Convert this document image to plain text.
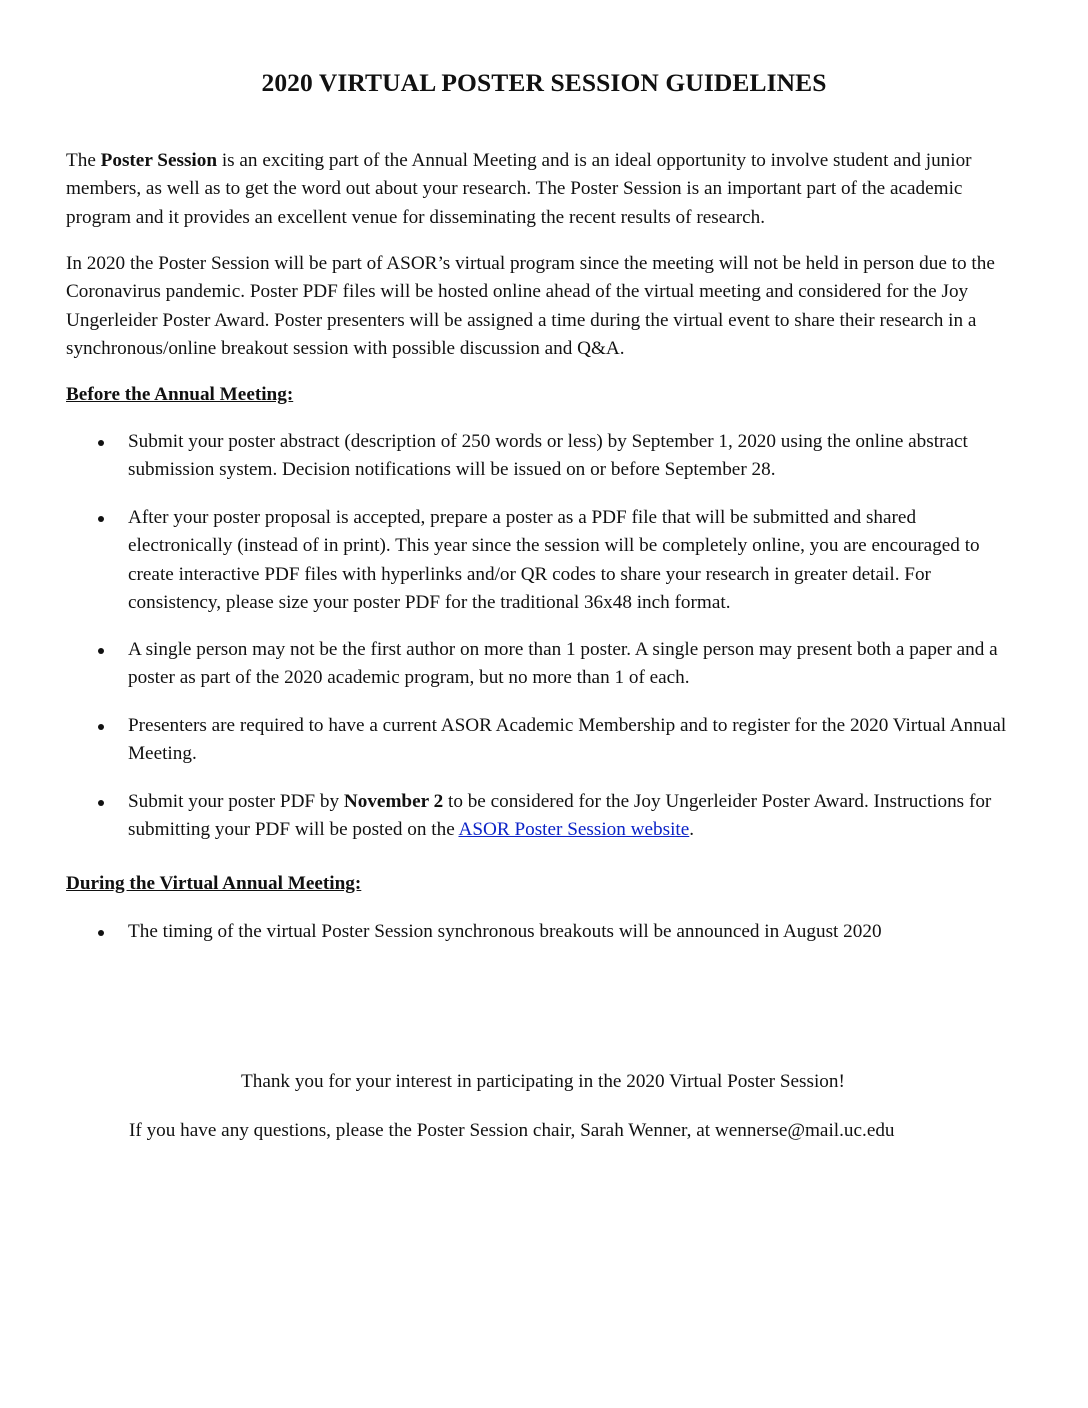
2020 VIRTUAL POSTER SESSION GUIDELINES
The Poster Session is an exciting part of the Annual Meeting and is an ideal opportunity to involve student and junior members, as well as to get the word out about your research. The Poster Session is an important part of the academic program and it provides an excellent venue for disseminating the recent results of research.
In 2020 the Poster Session will be part of ASOR’s virtual program since the meeting will not be held in person due to the Coronavirus pandemic. Poster PDF files will be hosted online ahead of the virtual meeting and considered for the Joy Ungerleider Poster Award. Poster presenters will be assigned a time during the virtual event to share their research in a synchronous/online breakout session with possible discussion and Q&A.
Before the Annual Meeting:
Submit your poster abstract (description of 250 words or less) by September 1, 2020 using the online abstract submission system. Decision notifications will be issued on or before September 28.
After your poster proposal is accepted, prepare a poster as a PDF file that will be submitted and shared electronically (instead of in print). This year since the session will be completely online, you are encouraged to create interactive PDF files with hyperlinks and/or QR codes to share your research in greater detail. For consistency, please size your poster PDF for the traditional 36x48 inch format.
A single person may not be the first author on more than 1 poster. A single person may present both a paper and a poster as part of the 2020 academic program, but no more than 1 of each.
Presenters are required to have a current ASOR Academic Membership and to register for the 2020 Virtual Annual Meeting.
Submit your poster PDF by November 2 to be considered for the Joy Ungerleider Poster Award. Instructions for submitting your PDF will be posted on the ASOR Poster Session website.
During the Virtual Annual Meeting:
The timing of the virtual Poster Session synchronous breakouts will be announced in August 2020
Thank you for your interest in participating in the 2020 Virtual Poster Session!
If you have any questions, please the Poster Session chair, Sarah Wenner, at wennerse@mail.uc.edu
